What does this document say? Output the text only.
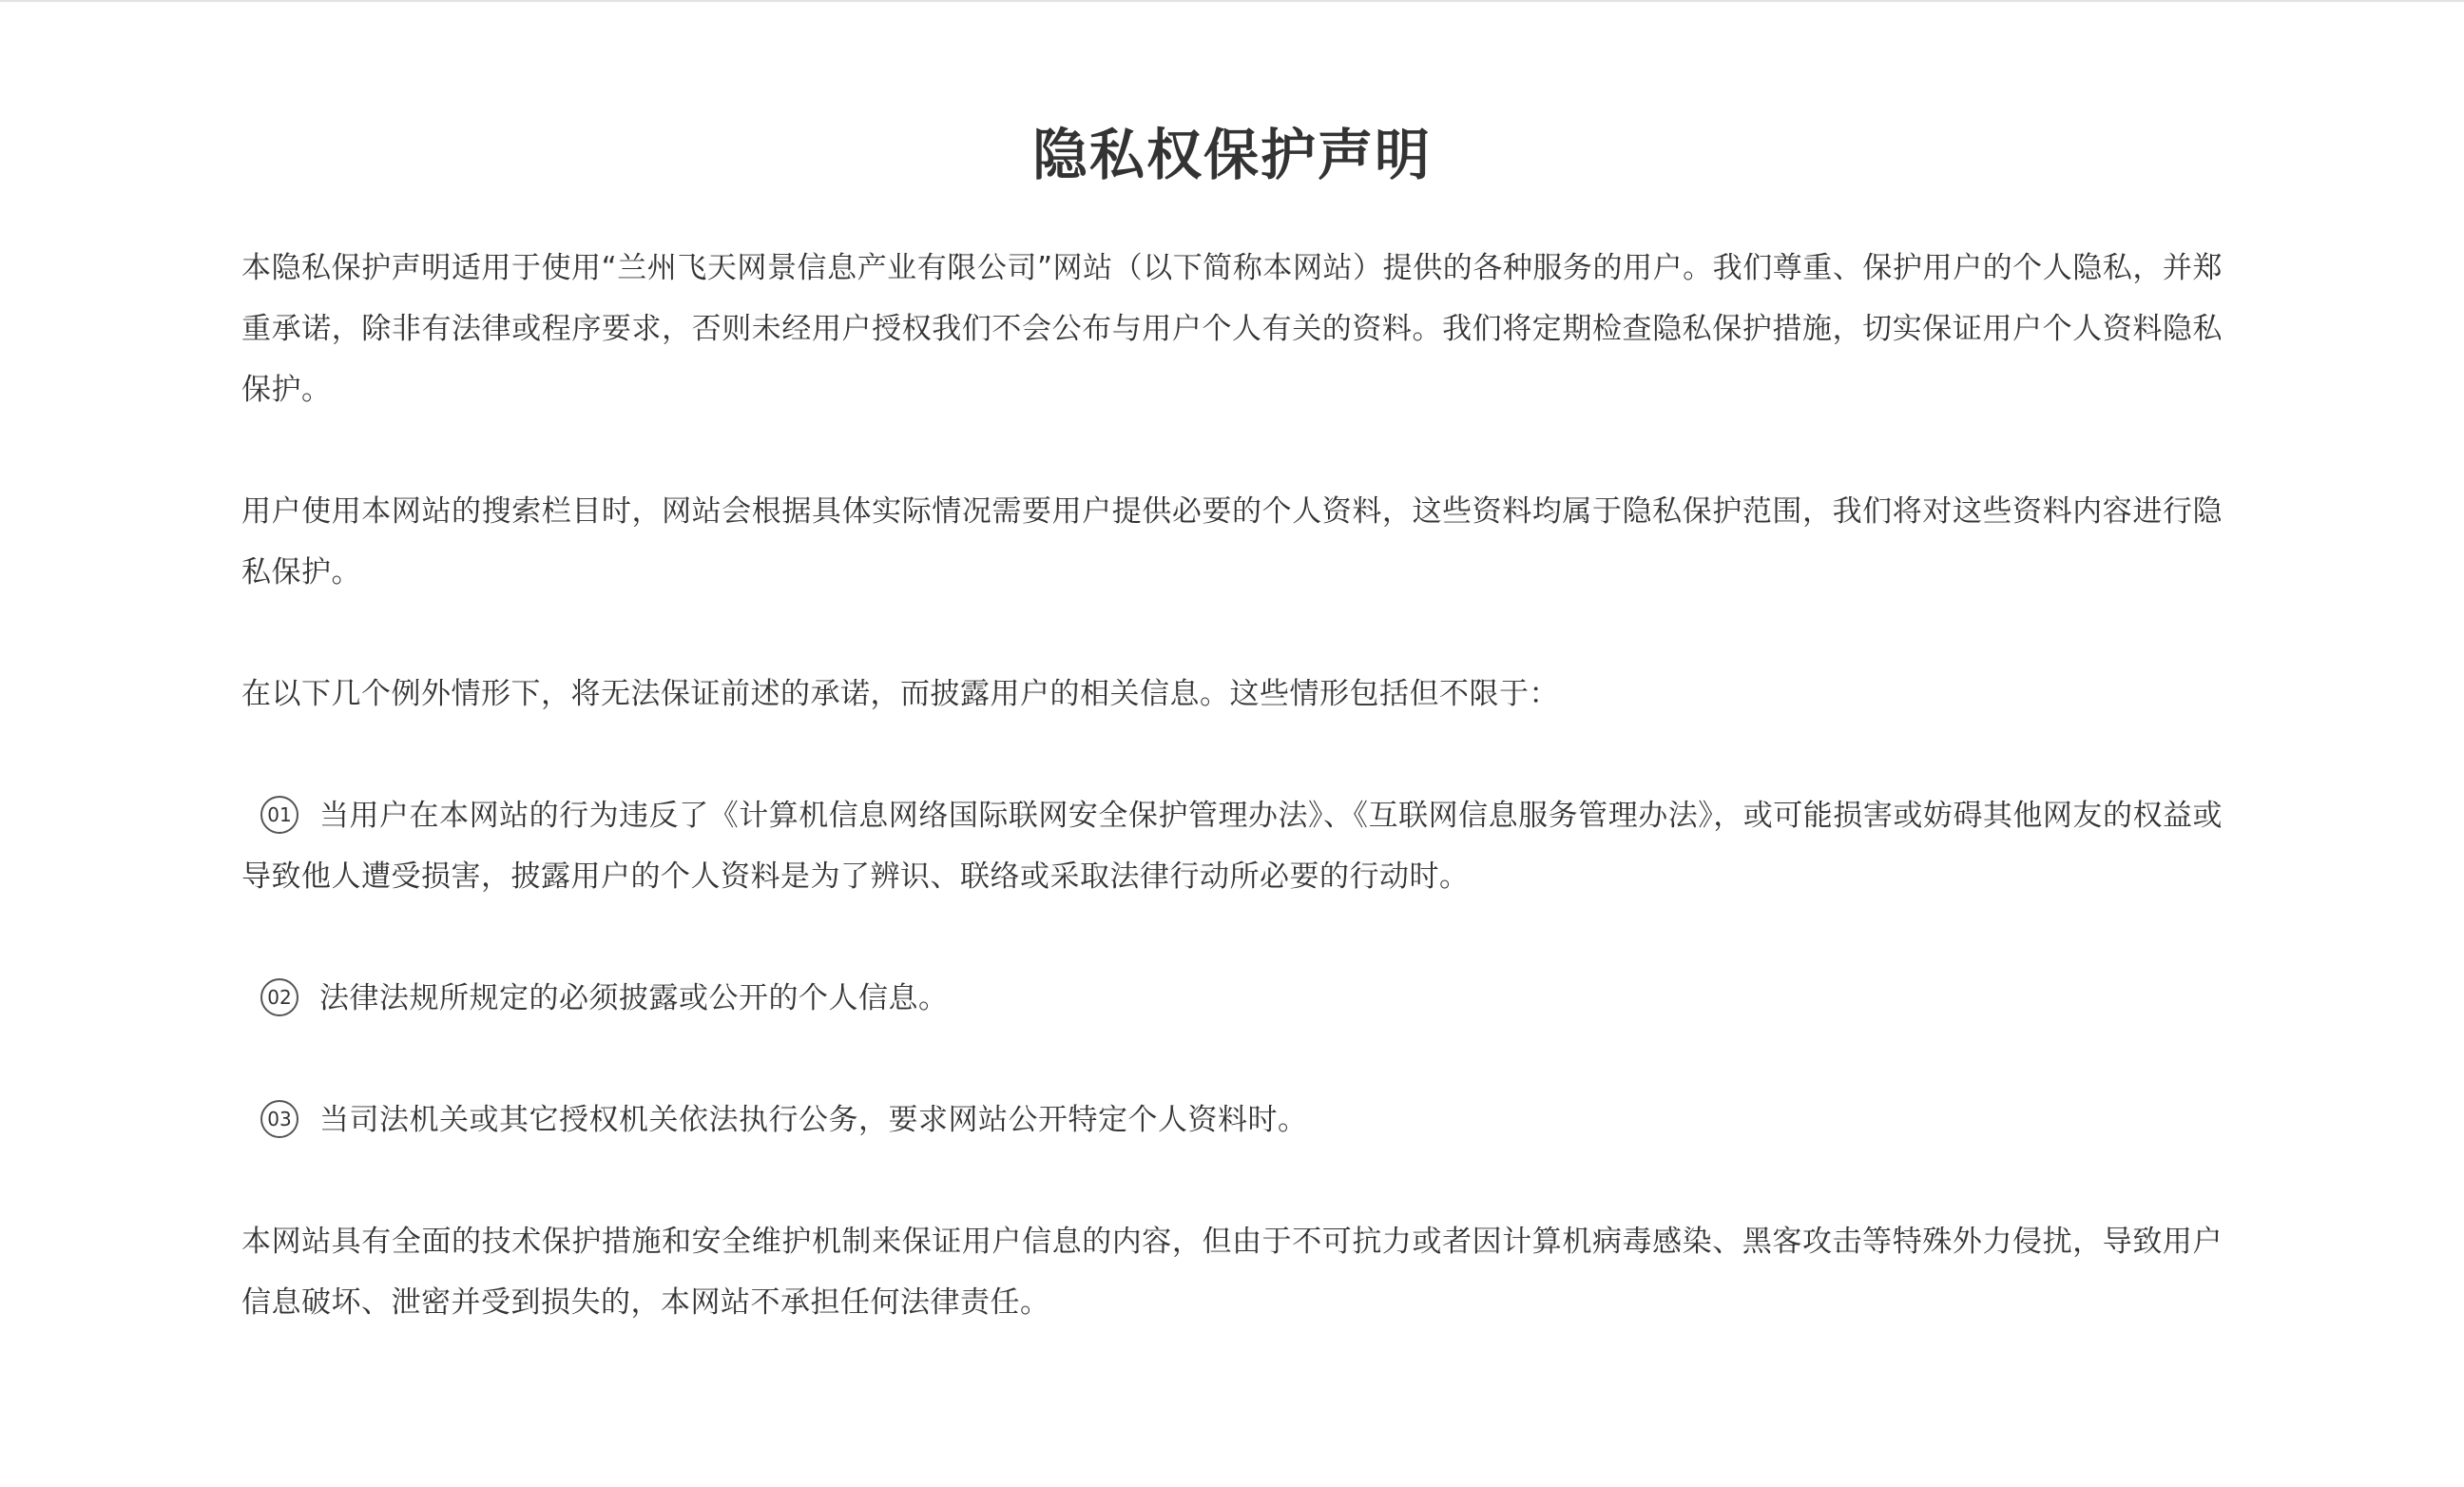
隐私权保护声明

本隐私保护声明适用于使用“兰州飞天网景信息产业有限公司”网站（以下简称本网站）提供的各种服务的用户。我们尊重、保护用户的个人隐私，并郑重承诺，除非有法律或程序要求，否则未经用户授权我们不会公布与用户个人有关的资料。我们将定期检查隐私保护措施，切实保证用户个人资料隐私保护。

用户使用本网站的搜索栏目时，网站会根据具体实际情况需要用户提供必要的个人资料，这些资料均属于隐私保护范围，我们将对这些资料内容进行隐私保护。

在以下几个例外情形下，将无法保证前述的承诺，而披露用户的相关信息。这些情形包括但不限于：

01 当用户在本网站的行为违反了《计算机信息网络国际联网安全保护管理办法》、《互联网信息服务管理办法》，或可能损害或妨碍其他网友的权益或导致他人遭受损害，披露用户的个人资料是为了辨识、联络或采取法律行动所必要的行动时。

02 法律法规所规定的必须披露或公开的个人信息。

03 当司法机关或其它授权机关依法执行公务，要求网站公开特定个人资料时。

本网站具有全面的技术保护措施和安全维护机制来保证用户信息的内容，但由于不可抗力或者因计算机病毒感染、黑客攻击等特殊外力侵扰，导致用户信息破坏、泄密并受到损失的，本网站不承担任何法律责任。
